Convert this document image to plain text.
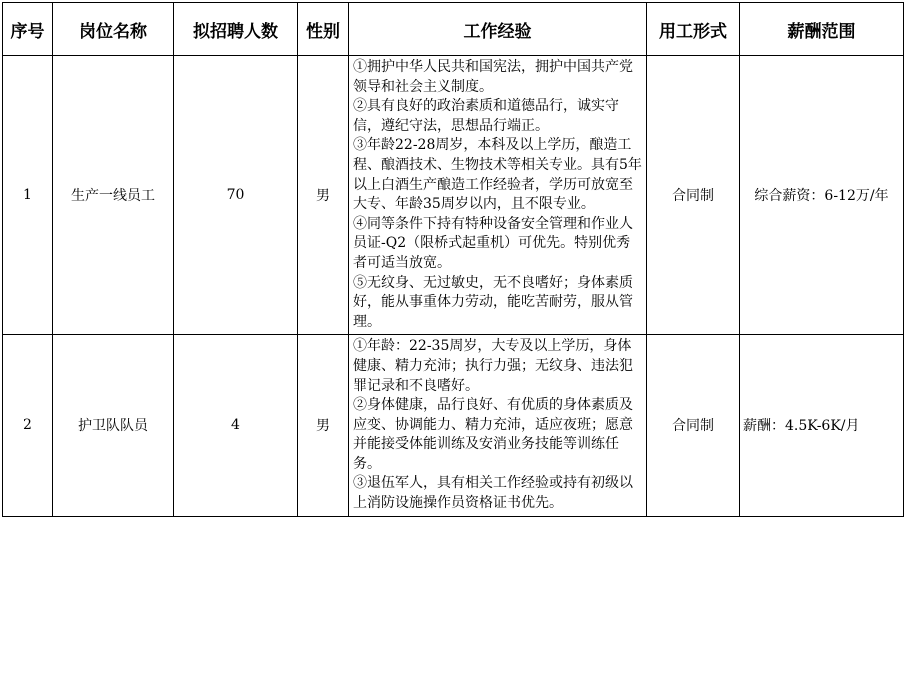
序号	岗位名称	拟招聘人数	性别	工作经验	用工形式	薪酬范围
1	生产一线员工	70	男	①拥护中华人民共和国宪法，拥护中国共产党领导和社会主义制度。
②具有良好的政治素质和道德品行，诚实守信，遵纪守法，思想品行端正。
③年龄22-28周岁，本科及以上学历，酿造工程、酿酒技术、生物技术等相关专业。具有5年以上白酒生产酿造工作经验者，学历可放宽至大专、年龄35周岁以内，且不限专业。
④同等条件下持有特种设备安全管理和作业人员证-Q2（限桥式起重机）可优先。特别优秀者可适当放宽。
⑤无纹身、无过敏史，无不良嗜好；身体素质好，能从事重体力劳动，能吃苦耐劳，服从管理。	合同制	综合薪资：6-12万/年
2	护卫队队员	4	男	①年龄：22-35周岁，大专及以上学历，身体健康、精力充沛；执行力强；无纹身、违法犯罪记录和不良嗜好。
②身体健康，品行良好、有优质的身体素质及应变、协调能力、精力充沛，适应夜班；愿意并能接受体能训练及安消业务技能等训练任务。
③退伍军人，具有相关工作经验或持有初级以上消防设施操作员资格证书优先。	合同制	薪酬：4.5K-6K/月
